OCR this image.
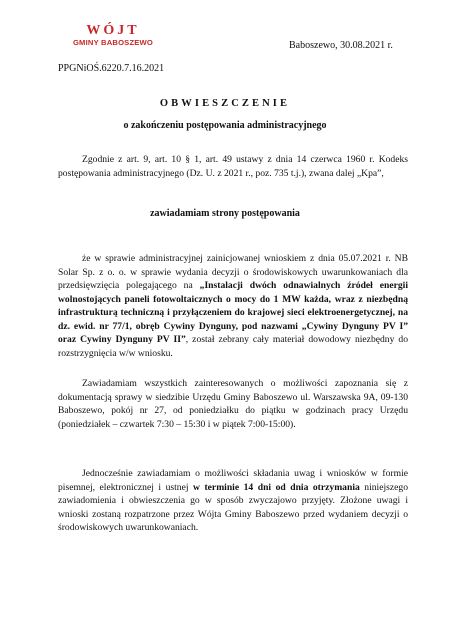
WÓJT
GMINY BABOSZEWO
PPGNiOŚ.6220.7.16.2021
Baboszewo, 30.08.2021 r.
OBWIESZCZENIE
o zakończeniu postępowania administracyjnego

Zgodnie z art. 9, art. 10 § 1, art. 49 ustawy z dnia 14 czerwca 1960 r. Kodeks postępowania administracyjnego (Dz. U. z 2021 r., poz. 735 t.j.), zwana dalej „Kpa”,

zawiadamiam strony postępowania

że w sprawie administracyjnej zainicjowanej wnioskiem z dnia 05.07.2021 r. NB Solar Sp. z o. o. w sprawie wydania decyzji o środowiskowych uwarunkowaniach dla przedsięwzięcia polegającego na „Instalacji dwóch odnawialnych źródeł energii wolnostojących paneli fotowoltaicznych o mocy do 1 MW każda, wraz z niezbędną infrastrukturą techniczną i przyłączeniem do krajowej sieci elektroenergetycznej, na dz. ewid. nr 77/1, obręb Cywiny Dynguny, pod nazwami „Cywiny Dynguny PV I” oraz Cywiny Dynguny PV II”, został zebrany cały materiał dowodowy niezbędny do rozstrzygnięcia w/w wniosku.

Zawiadamiam wszystkich zainteresowanych o możliwości zapoznania się z dokumentacją sprawy w siedzibie Urzędu Gminy Baboszewo ul. Warszawska 9A, 09-130 Baboszewo, pokój nr 27, od poniedziałku do piątku w godzinach pracy Urzędu (poniedziałek – czwartek 7:30 – 15:30 i w piątek 7:00-15:00).

Jednocześnie zawiadamiam o możliwości składania uwag i wniosków w formie pisemnej, elektronicznej i ustnej w terminie 14 dni od dnia otrzymania niniejszego zawiadomienia i obwieszczenia go w sposób zwyczajowo przyjęty. Złożone uwagi i wnioski zostaną rozpatrzone przez Wójta Gminy Baboszewo przed wydaniem decyzji o środowiskowych uwarunkowaniach.
